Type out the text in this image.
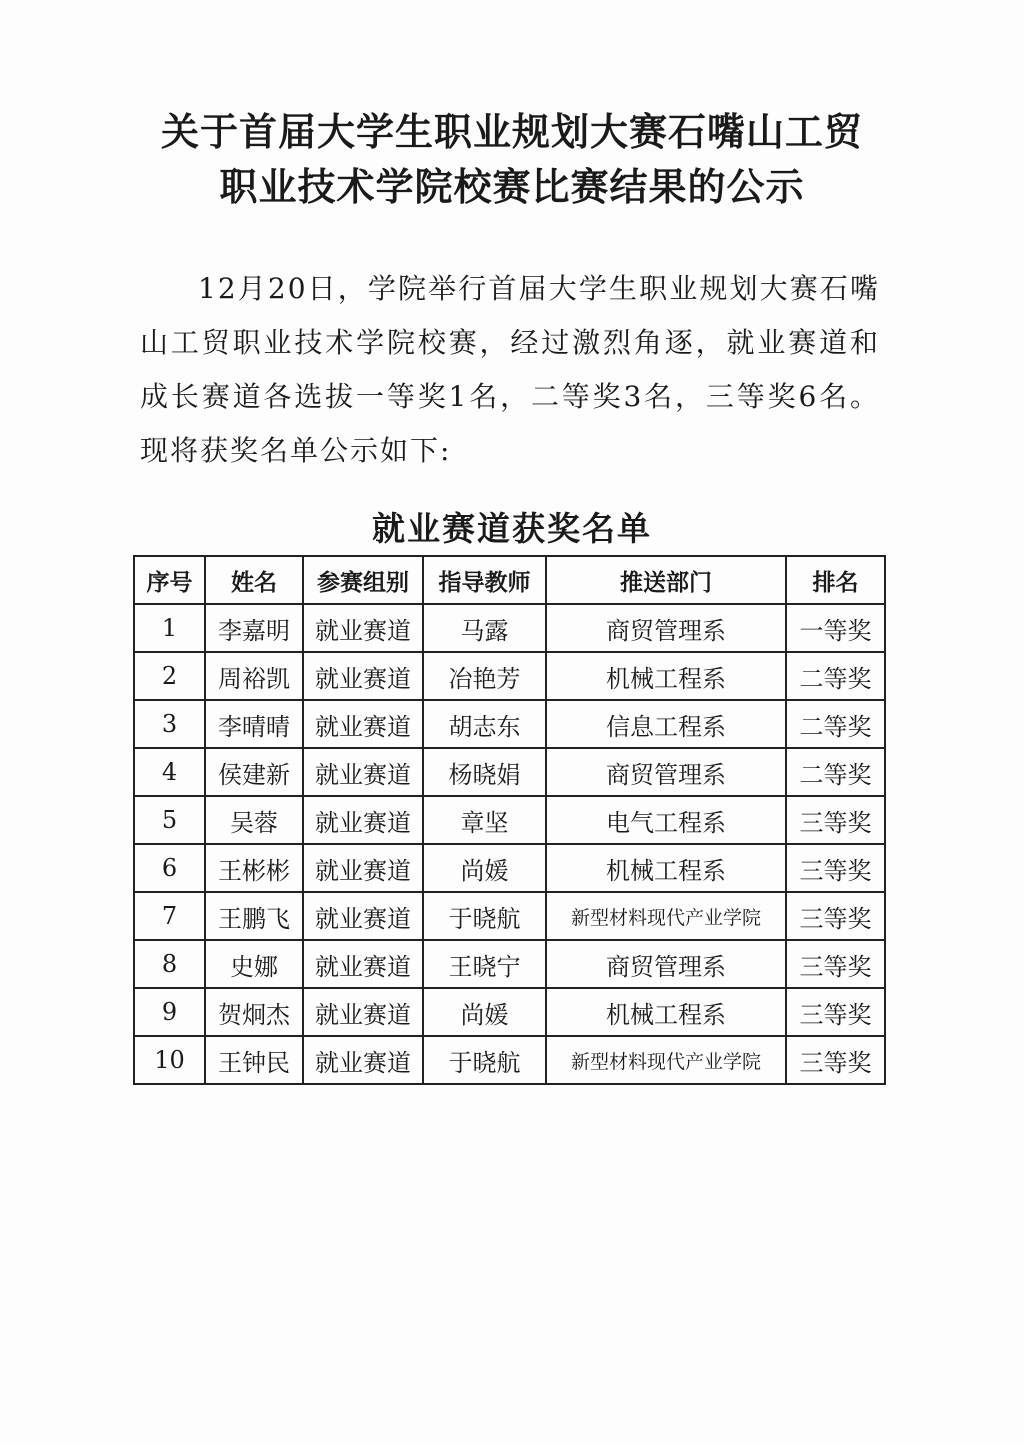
关于首届大学生职业规划大赛石嘴山工贸
职业技术学院校赛比赛结果的公示

12月20日，学院举行首届大学生职业规划大赛石嘴山工贸职业技术学院校赛，经过激烈角逐，就业赛道和成长赛道各选拔一等奖1名，二等奖3名，三等奖6名。现将获奖名单公示如下:

就业赛道获奖名单
序号	姓名	参赛组别	指导教师	推送部门	排名
1	李嘉明	就业赛道	马露	商贸管理系	一等奖
2	周裕凯	就业赛道	冶艳芳	机械工程系	二等奖
3	李晴晴	就业赛道	胡志东	信息工程系	二等奖
4	侯建新	就业赛道	杨晓娟	商贸管理系	二等奖
5	吴蓉	就业赛道	章坚	电气工程系	三等奖
6	王彬彬	就业赛道	尚媛	机械工程系	三等奖
7	王鹏飞	就业赛道	于晓航	新型材料现代产业学院	三等奖
8	史娜	就业赛道	王晓宁	商贸管理系	三等奖
9	贺炯杰	就业赛道	尚媛	机械工程系	三等奖
10	王钟民	就业赛道	于晓航	新型材料现代产业学院	三等奖
